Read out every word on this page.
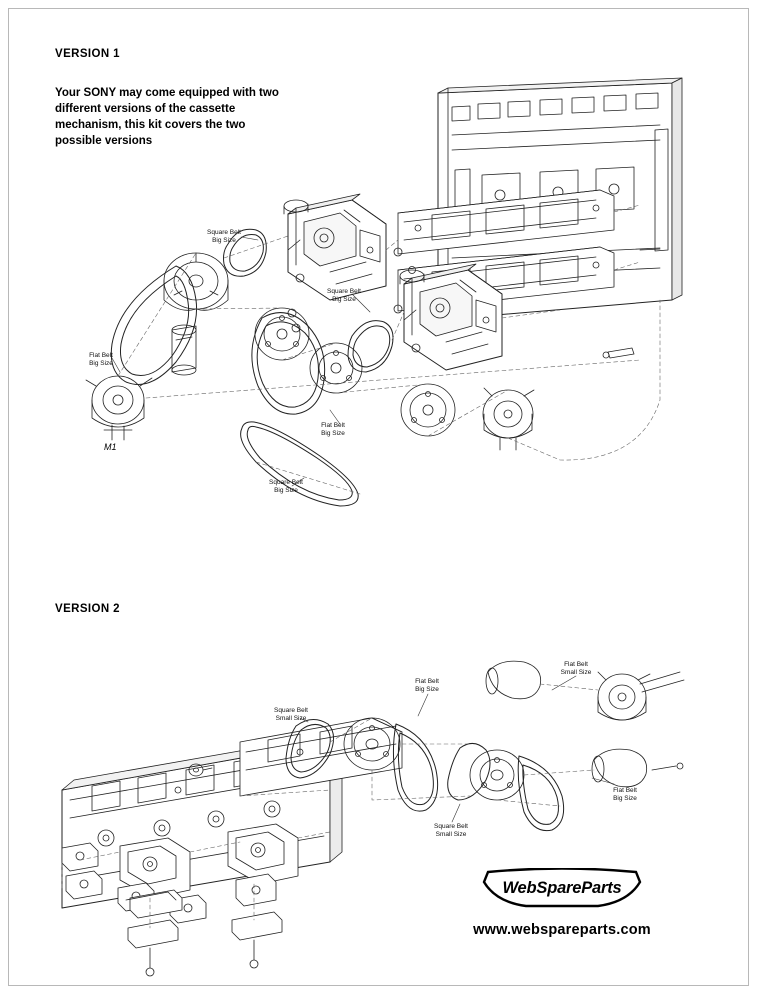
VERSION 1
Your SONY may come equipped with two different versions of the cassette mechanism, this kit covers the two possible versions
Square Belt
Big Size
Flat Belt
Big Size
Square Belt
Big Size
Flat Belt
Big Size
Square Belt
Big Size
M1
VERSION 2
Square Belt
Small Size
Flat Belt
Big Size
Flat Belt
Small Size
Flat Belt
Big Size
Square Belt
Small Size
WebSpareParts
www.webspareparts.com
